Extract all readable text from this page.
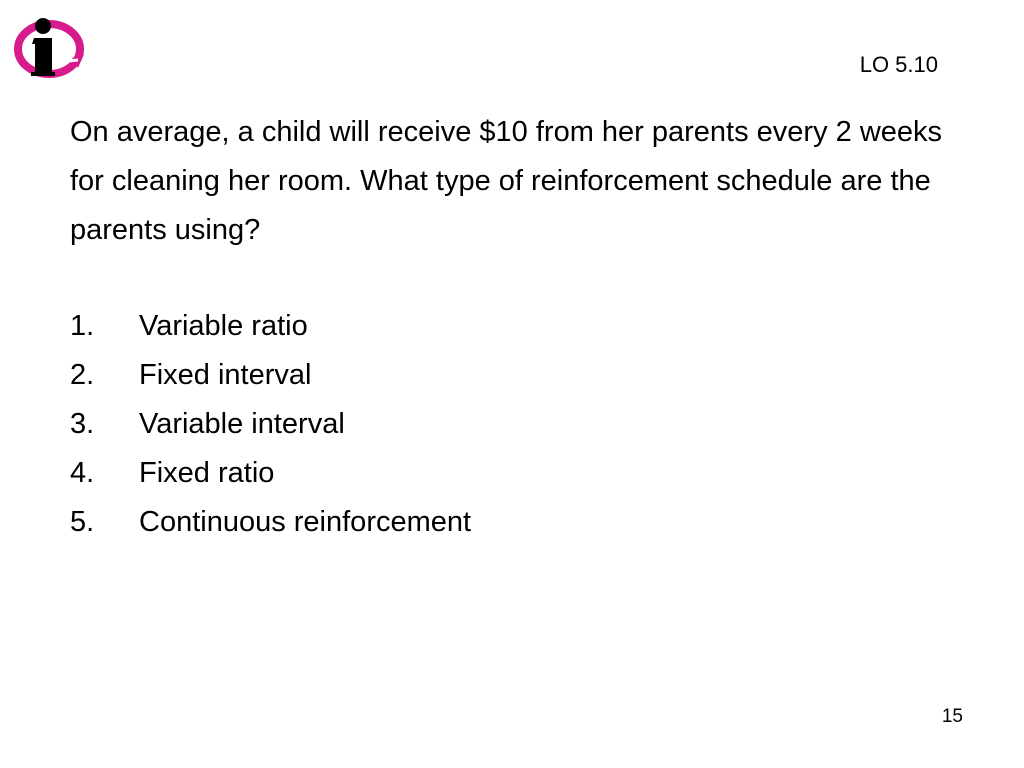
LO 5.10

On average, a child will receive $10 from her parents every 2 weeks for cleaning her room. What type of reinforcement schedule are the parents using?

1.	Variable ratio
2.	Fixed interval
3.	Variable interval
4.	Fixed ratio
5.	Continuous reinforcement
15
